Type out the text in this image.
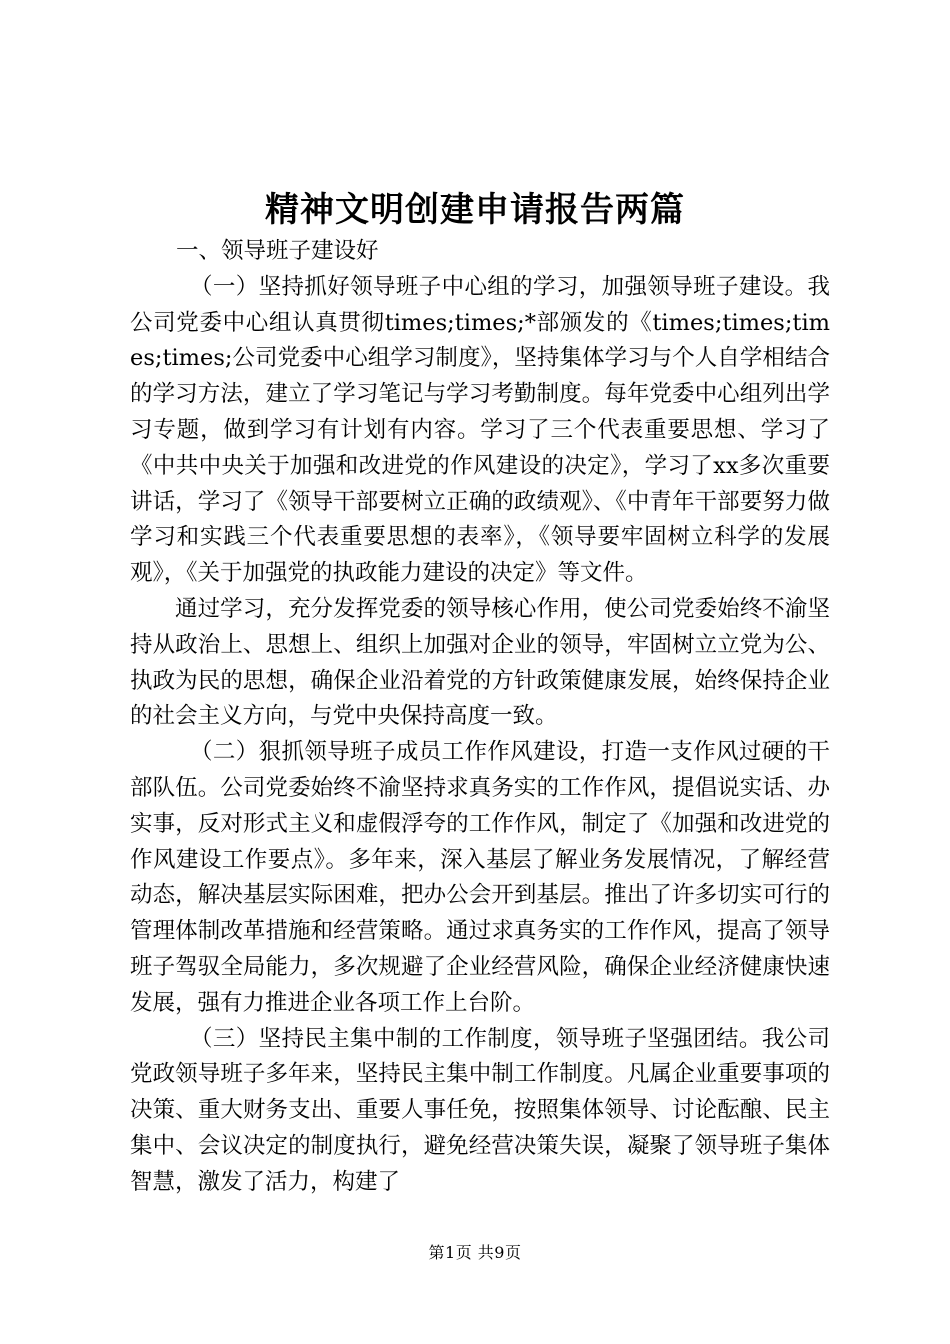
精神文明创建申请报告两篇

一、领导班子建设好

（一）坚持抓好领导班子中心组的学习，加强领导班子建设。我公司党委中心组认真贯彻times;times;*部颁发的《times;times;times;times;公司党委中心组学习制度》，坚持集体学习与个人自学相结合的学习方法，建立了学习笔记与学习考勤制度。每年党委中心组列出学习专题，做到学习有计划有内容。学习了三个代表重要思想、学习了《中共中央关于加强和改进党的作风建设的决定》，学习了xx多次重要讲话，学习了《领导干部要树立正确的政绩观》、《中青年干部要努力做学习和实践三个代表重要思想的表率》，《领导要牢固树立科学的发展观》，《关于加强党的执政能力建设的决定》等文件。

通过学习，充分发挥党委的领导核心作用，使公司党委始终不渝坚持从政治上、思想上、组织上加强对企业的领导，牢固树立立党为公、执政为民的思想，确保企业沿着党的方针政策健康发展，始终保持企业的社会主义方向，与党中央保持高度一致。

（二）狠抓领导班子成员工作作风建设，打造一支作风过硬的干部队伍。公司党委始终不渝坚持求真务实的工作作风，提倡说实话、办实事，反对形式主义和虚假浮夸的工作作风，制定了《加强和改进党的作风建设工作要点》。多年来，深入基层了解业务发展情况，了解经营动态，解决基层实际困难，把办公会开到基层。推出了许多切实可行的管理体制改革措施和经营策略。通过求真务实的工作作风，提高了领导班子驾驭全局能力，多次规避了企业经营风险，确保企业经济健康快速发展，强有力推进企业各项工作上台阶。

（三）坚持民主集中制的工作制度，领导班子坚强团结。我公司党政领导班子多年来，坚持民主集中制工作制度。凡属企业重要事项的决策、重大财务支出、重要人事任免，按照集体领导、讨论酝酿、民主集中、会议决定的制度执行，避免经营决策失误，凝聚了领导班子集体智慧，激发了活力，构建了

第1页 共9页
